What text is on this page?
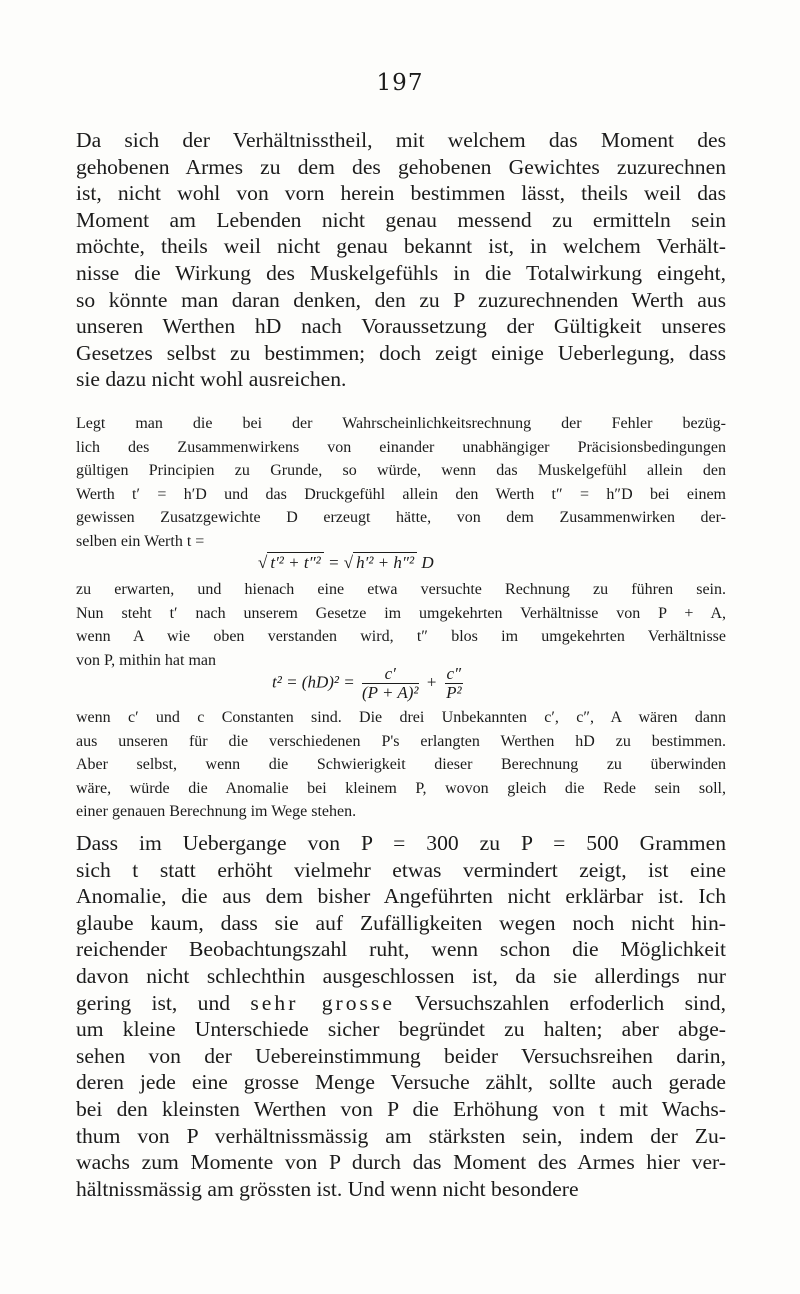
197
Da sich der Verhältnisstheil, mit welchem das Moment des
gehobenen Armes zu dem des gehobenen Gewichtes zuzurechnen
ist, nicht wohl von vorn herein bestimmen lässt, theils weil das
Moment am Lebenden nicht genau messend zu ermitteln sein
möchte, theils weil nicht genau bekannt ist, in welchem Verhält-
nisse die Wirkung des Muskelgefühls in die Totalwirkung eingeht,
so könnte man daran denken, den zu P zuzurechnenden Werth aus
unseren Werthen hD nach Voraussetzung der Gültigkeit unseres
Gesetzes selbst zu bestimmen; doch zeigt einige Ueberlegung, dass
sie dazu nicht wohl ausreichen.
Legt man die bei der Wahrscheinlichkeitsrechnung der Fehler bezüg-
lich des Zusammenwirkens von einander unabhängiger Präcisionsbedingungen
gültigen Principien zu Grunde, so würde, wenn das Muskelgefühl allein den
Werth t′ = h′D und das Druckgefühl allein den Werth t″ = h″D bei einem
gewissen Zusatzgewichte D erzeugt hätte, von dem Zusammenwirken der-
selben ein Werth t =
√ t′² + t″² = √ h′² + h″² D
zu erwarten, und hienach eine etwa versuchte Rechnung zu führen sein.
Nun steht t′ nach unserem Gesetze im umgekehrten Verhältnisse von P + A,
wenn A wie oben verstanden wird, t″ blos im umgekehrten Verhältnisse
von P, mithin hat man
$t^2 = (hD)^2 = \frac{c'}{\text{(P + A)²}} + \frac{c''}{\text{P²}}$
wenn c′ und c Constanten sind. Die drei Unbekannten c′, c″, A wären dann
aus unseren für die verschiedenen P's erlangten Werthen hD zu bestimmen.
Aber selbst, wenn die Schwierigkeit dieser Berechnung zu überwinden
wäre, würde die Anomalie bei kleinem P, wovon gleich die Rede sein soll,
einer genauen Berechnung im Wege stehen.
Dass im Uebergange von P = 300 zu P = 500 Grammen
sich t statt erhöht vielmehr etwas vermindert zeigt, ist eine
Anomalie, die aus dem bisher Angeführten nicht erklärbar ist. Ich
glaube kaum, dass sie auf Zufälligkeiten wegen noch nicht hin-
reichender Beobachtungszahl ruht, wenn schon die Möglichkeit
davon nicht schlechthin ausgeschlossen ist, da sie allerdings nur
gering ist, und sehr grosse Versuchszahlen erfoderlich sind,
um kleine Unterschiede sicher begründet zu halten; aber abge-
sehen von der Uebereinstimmung beider Versuchsreihen darin,
deren jede eine grosse Menge Versuche zählt, sollte auch gerade
bei den kleinsten Werthen von P die Erhöhung von t mit Wachs-
thum von P verhältnissmässig am stärksten sein, indem der Zu-
wachs zum Momente von P durch das Moment des Armes hier ver-
hältnissmässig am grössten ist. Und wenn nicht besondere
